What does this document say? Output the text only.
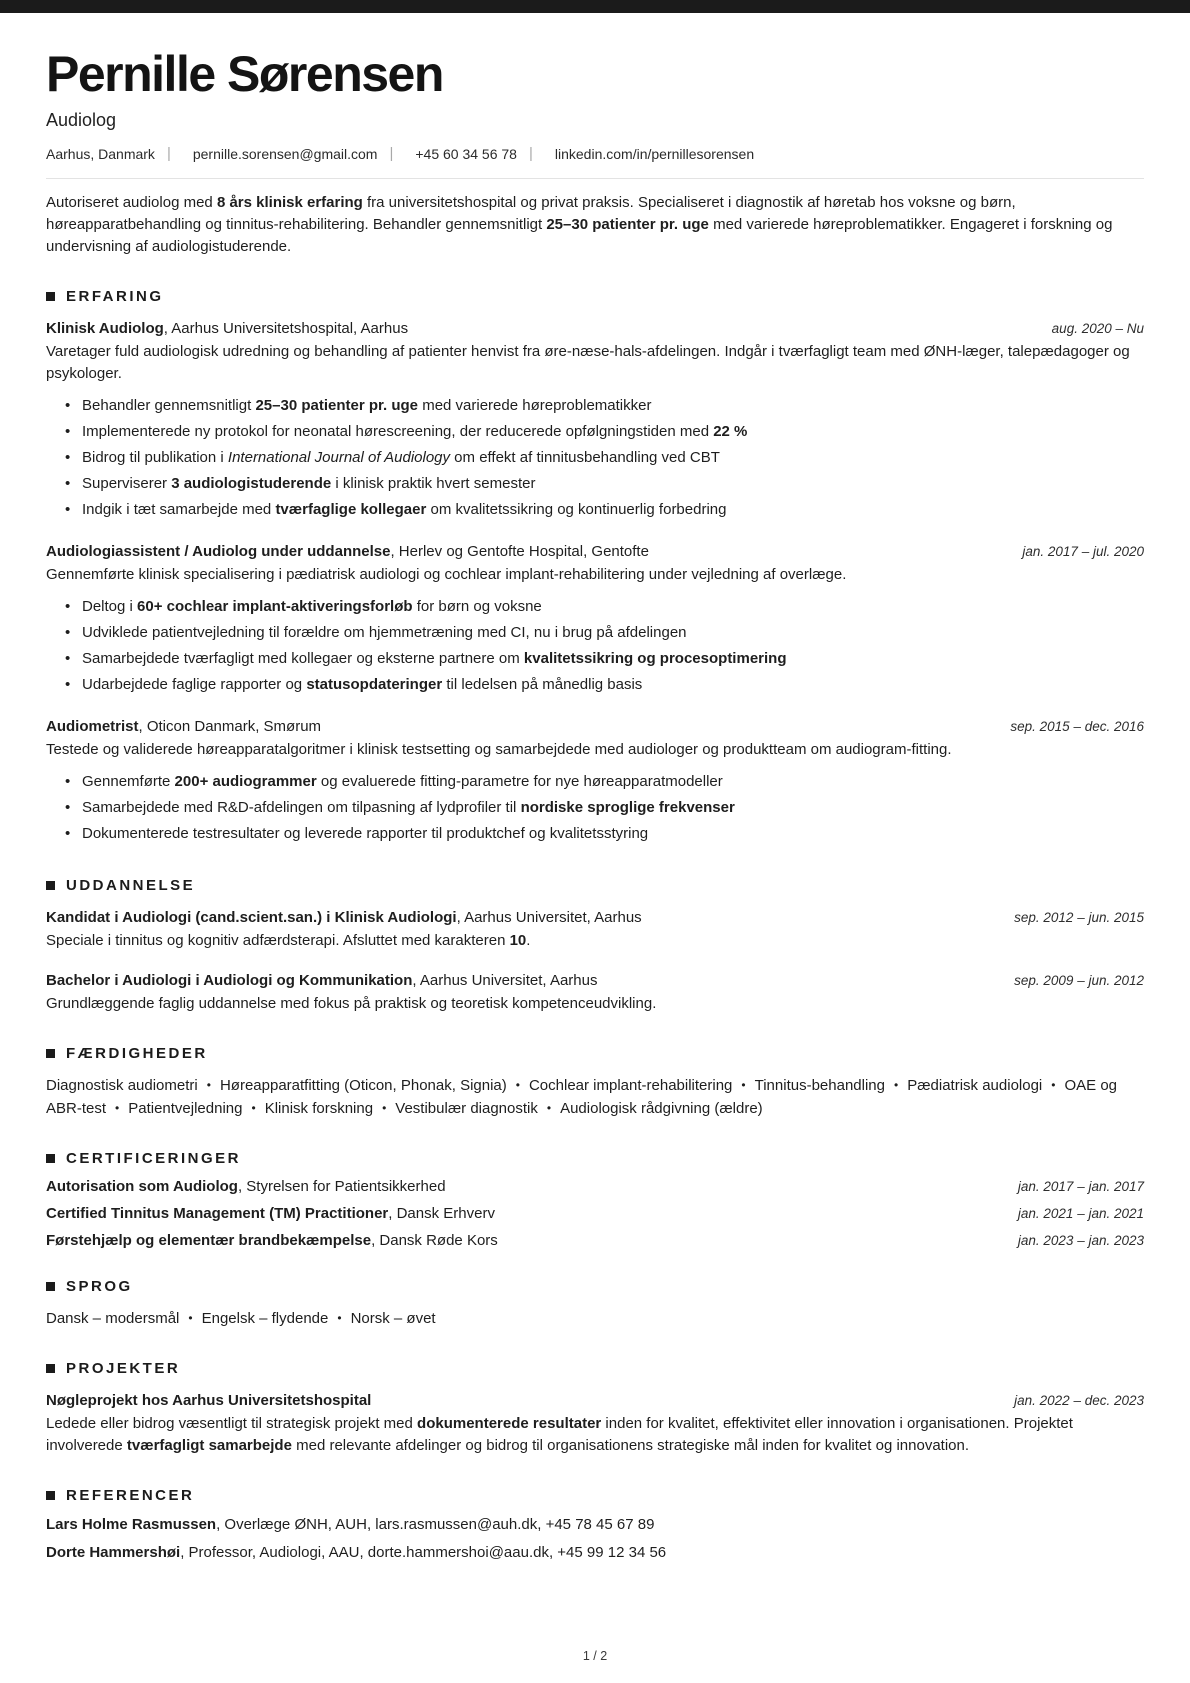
Pernille Sørensen
Audiolog
Aarhus, Danmark | pernille.sorensen@gmail.com | +45 60 34 56 78 | linkedin.com/in/pernillesorensen

Autoriseret audiolog med 8 års klinisk erfaring fra universitetshospital og privat praksis. Specialiseret i diagnostik af høretab hos voksne og børn, høreapparatbehandling og tinnitus-rehabilitering. Behandler gennemsnitligt 25–30 patienter pr. uge med varierede høreproblematikker. Engageret i forskning og undervisning af audiologistuderende.

ERFARING
Klinisk Audiolog, Aarhus Universitetshospital, Aarhus	aug. 2020 – Nu

Varetager fuld audiologisk udredning og behandling af patienter henvist fra øre-næse-hals-afdelingen. Indgår i tværfagligt team med ØNH-læger, talepædagoger og psykologer.

• Behandler gennemsnitligt 25–30 patienter pr. uge med varierede høreproblematikker
• Implementerede ny protokol for neonatal hørescreening, der reducerede opfølgningstiden med 22 %
• Bidrog til publikation i International Journal of Audiology om effekt af tinnitusbehandling ved CBT
• Superviserer 3 audiologistuderende i klinisk praktik hvert semester
• Indgik i tæt samarbejde med tværfaglige kollegaer om kvalitetssikring og kontinuerlig forbedring
Audiologiassistent / Audiolog under uddannelse, Herlev og Gentofte Hospital, Gentofte	jan. 2017 – jul. 2020

Gennemførte klinisk specialisering i pædiatrisk audiologi og cochlear implant-rehabilitering under vejledning af overlæge.

• Deltog i 60+ cochlear implant-aktiveringsforløb for børn og voksne
• Udviklede patientvejledning til forældre om hjemmetræning med CI, nu i brug på afdelingen
• Samarbejdede tværfagligt med kollegaer og eksterne partnere om kvalitetssikring og procesoptimering
• Udarbejdede faglige rapporter og statusopdateringer til ledelsen på månedlig basis
Audiometrist, Oticon Danmark, Smørum	sep. 2015 – dec. 2016

Testede og validerede høreapparatalgoritmer i klinisk testsetting og samarbejdede med audiologer og produktteam om audiogram-fitting.

• Gennemførte 200+ audiogrammer og evaluerede fitting-parametre for nye høreapparatmodeller
• Samarbejdede med R&D-afdelingen om tilpasning af lydprofiler til nordiske sproglige frekvenser
• Dokumenterede testresultater og leverede rapporter til produktchef og kvalitetsstyring
UDDANNELSE
Kandidat i Audiologi (cand.scient.san.) i Klinisk Audiologi, Aarhus Universitet, Aarhus	sep. 2012 – jun. 2015

Speciale i tinnitus og kognitiv adfærdsterapi. Afsluttet med karakteren 10.

Bachelor i Audiologi i Audiologi og Kommunikation, Aarhus Universitet, Aarhus	sep. 2009 – jun. 2012

Grundlæggende faglig uddannelse med fokus på praktisk og teoretisk kompetenceudvikling.

FÆRDIGHEDER

Diagnostisk audiometri • Høreapparatfitting (Oticon, Phonak, Signia) • Cochlear implant-rehabilitering • Tinnitus-behandling • Pædiatrisk audiologi • OAE og ABR-test • Patientvejledning • Klinisk forskning • Vestibulær diagnostik • Audiologisk rådgivning (ældre)

CERTIFICERINGER
Autorisation som Audiolog, Styrelsen for Patientsikkerhed	jan. 2017 – jan. 2017
Certified Tinnitus Management (TM) Practitioner, Dansk Erhverv	jan. 2021 – jan. 2021
Førstehjælp og elementær brandbekæmpelse, Dansk Røde Kors	jan. 2023 – jan. 2023
SPROG

Dansk – modersmål • Engelsk – flydende • Norsk – øvet

PROJEKTER
Nøgleprojekt hos Aarhus Universitetshospital	jan. 2022 – dec. 2023

Ledede eller bidrog væsentligt til strategisk projekt med dokumenterede resultater inden for kvalitet, effektivitet eller innovation i organisationen. Projektet involverede tværfagligt samarbejde med relevante afdelinger og bidrog til organisationens strategiske mål inden for kvalitet og innovation.

REFERENCER

Lars Holme Rasmussen, Overlæge ØNH, AUH, lars.rasmussen@auh.dk, +45 78 45 67 89

Dorte Hammershøi, Professor, Audiologi, AAU, dorte.hammershoi@aau.dk, +45 99 12 34 56

1 / 2
